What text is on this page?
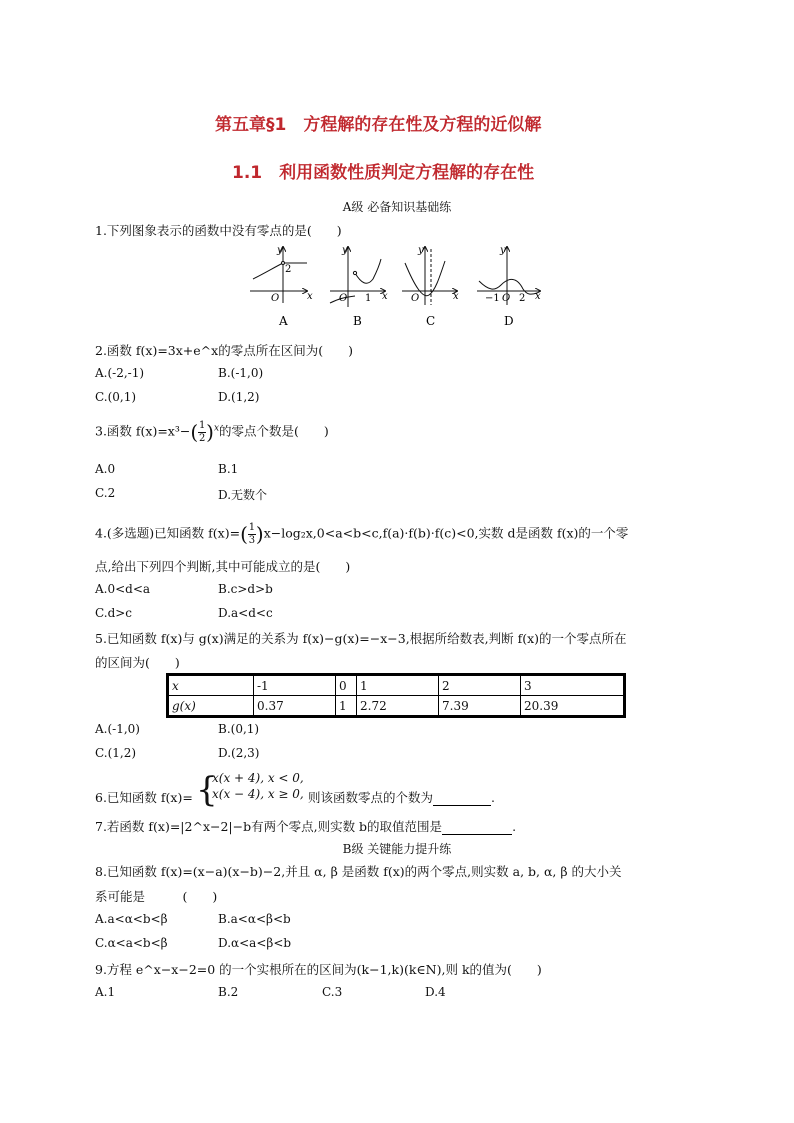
第五章§1　方程解的存在性及方程的近似解
1.1　利用函数性质判定方程解的存在性
A级 必备知识基础练
1.下列图象表示的函数中没有零点的是(　　)
2
O	x
y
A
1
O	x
y
B
O	x
y
C
−1 O 2 x
y
D
2.函数 f(x)=3x+e^x的零点所在区间为(　　)
A.(-2,-1)	B.(-1,0)
C.(0,1)	D.(1,2)
3.函数 $f(x)=x^3-( \frac{1}{2} )^x$的零点个数是(　　)
A.0	B.1
C.2	D.无数个
4.(多选题)已知函数 $f(x)=( \frac{1}{3} )x-\log_2x,0<a<b<c,f(a)\cdot f(b)\cdot f(c)<0$,实数 d是函数 f(x)的一个零
点,给出下列四个判断,其中可能成立的是(　　)
A.0<d<a	B.c>d>b
C.d>c	D.a<d<c
5.已知函数 f(x)与 g(x)满足的关系为 f(x)−g(x)=−x−3,根据所给数表,判断 f(x)的一个零点所在
的区间为(　　)
x	-1	0	1	2	3
g(x)	0.37	1	2.72	7.39	20.39
A.(-1,0)	B.(0,1)
C.(1,2)	D.(2,3)
6.已知函数 f(x)= {
x(x + 4), x < 0,
x(x − 4), x ≥ 0, 则该函数零点的个数为	.
7.若函数 f(x)=|2^x−2|−b有两个零点,则实数 b的取值范围是	.
B级 关键能力提升练
8.已知函数 f(x)=(x−a)(x−b)−2,并且 α, β 是函数 f(x)的两个零点,则实数 a, b, α, β 的大小关
系可能是　　　(　　)
A.a<α<b<β	B.a<α<β<b
C.α<a<b<β	D.α<a<β<b
9.方程 e^x−x−2=0 的一个实根所在的区间为(k−1,k)(k∈N),则 k的值为(　　)
A.1	B.2	C.3	D.4
